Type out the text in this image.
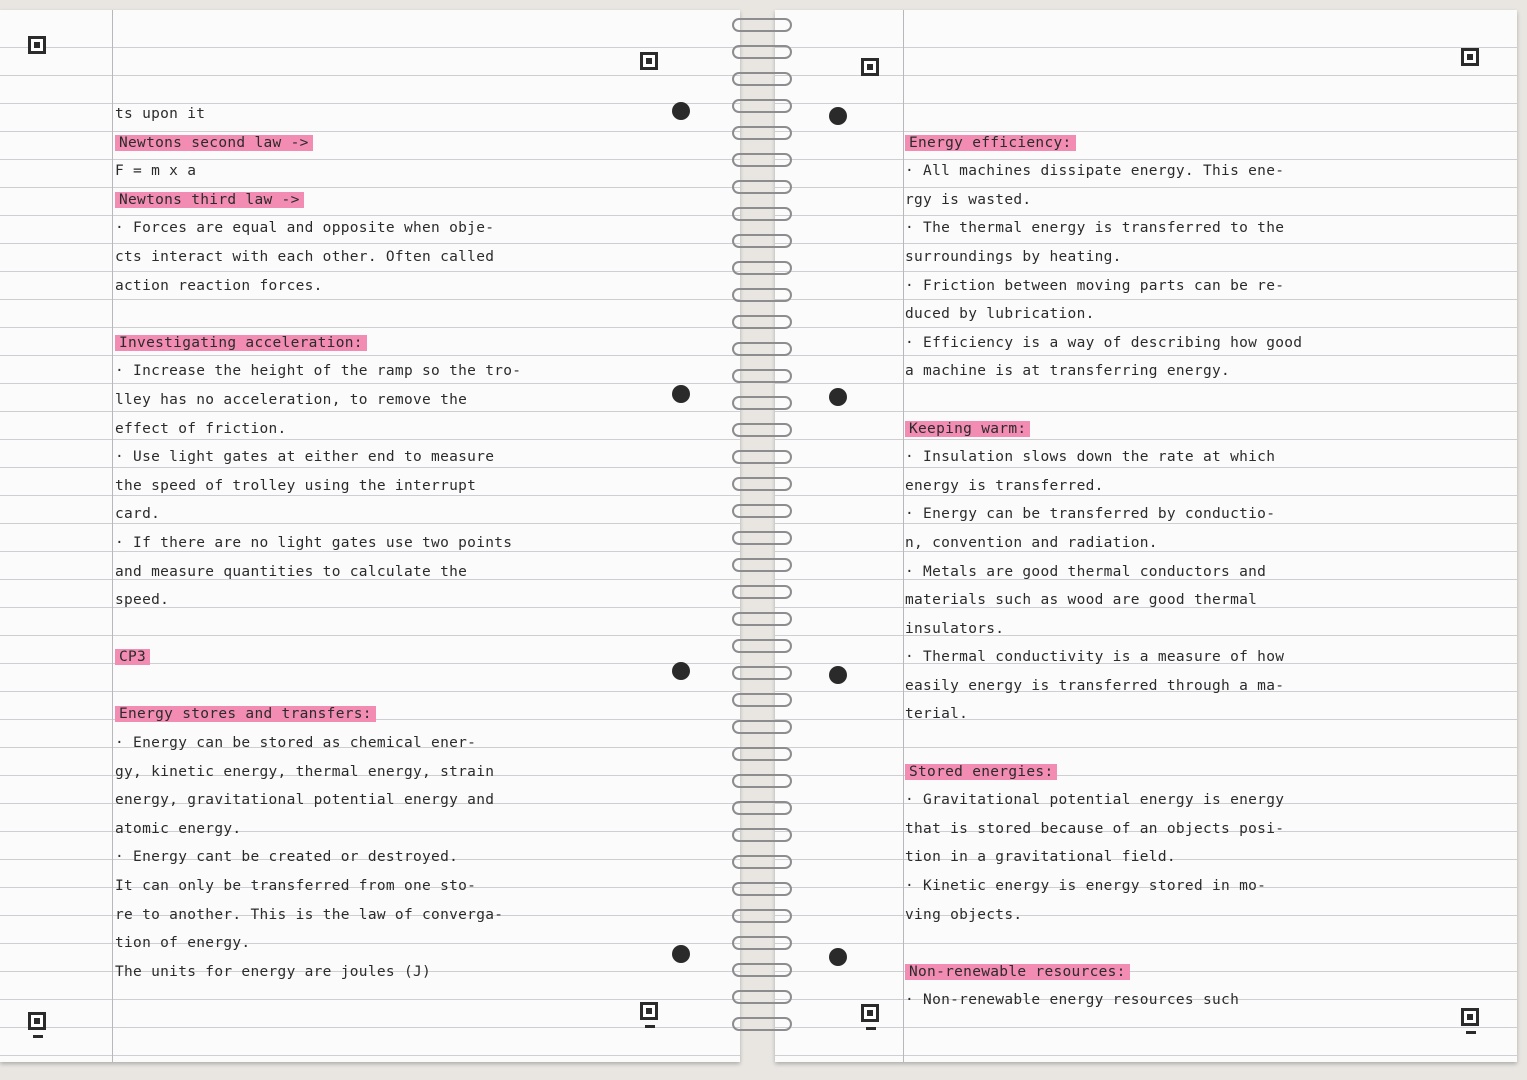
ts upon it
Newtons second law ->
F = m x a
Newtons third law ->
· Forces are equal and opposite when obje-
cts interact with each other. Often called
action reaction forces.
Investigating acceleration:
· Increase the height of the ramp so the tro-
lley has no acceleration, to remove the
effect of friction.
· Use light gates at either end to measure
the speed of trolley using the interrupt
card.
· If there are no light gates use two points
and measure quantities to calculate the
speed.
CP3
Energy stores and transfers:
· Energy can be stored as chemical ener-
gy, kinetic energy, thermal energy, strain
energy, gravitational potential energy and
atomic energy.
· Energy cant be created or destroyed.
It can only be transferred from one sto-
re to another. This is the law of converga-
tion of energy.
The units for energy are joules (J)
Energy efficiency:
· All machines dissipate energy. This ene-
rgy is wasted.
· The thermal energy is transferred to the
surroundings by heating.
· Friction between moving parts can be re-
duced by lubrication.
· Efficiency is a way of describing how good
a machine is at transferring energy.
Keeping warm:
· Insulation slows down the rate at which
energy is transferred.
· Energy can be transferred by conductio-
n, convention and radiation.
· Metals are good thermal conductors and
materials such as wood are good thermal
insulators.
· Thermal conductivity is a measure of how
easily energy is transferred through a ma-
terial.
Stored energies:
· Gravitational potential energy is energy
that is stored because of an objects posi-
tion in a gravitational field.
· Kinetic energy is energy stored in mo-
ving objects.
Non-renewable resources:
· Non-renewable energy resources such
